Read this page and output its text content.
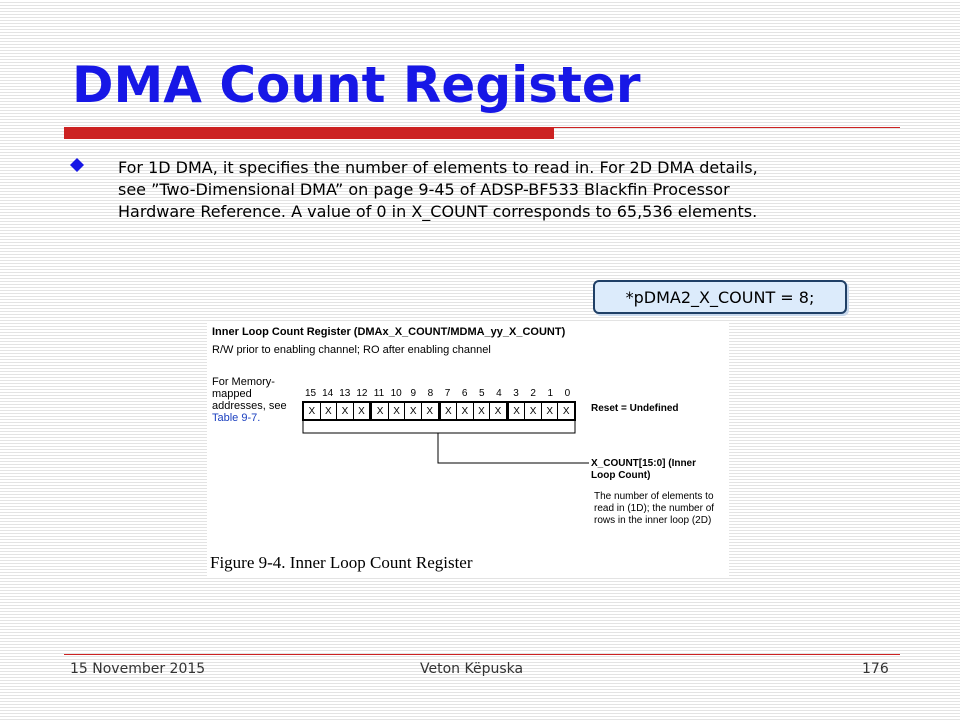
DMA Count Register
For 1D DMA, it specifies the number of elements to read in. For 2D DMA details,
see ”Two-Dimensional DMA” on page 9-45 of ADSP-BF533 Blackfin Processor
Hardware Reference. A value of 0 in X_COUNT corresponds to 65,536 elements.
*pDMA2_X_COUNT = 8;
Inner Loop Count Register (DMAx_X_COUNT/MDMA_yy_X_COUNT)
R/W prior to enabling channel; RO after enabling channel
For Memory-
mapped
addresses, see
Table 9-7.
15 14 13 12 11 10 9	8	7	6	5	4	3	2	1	0
X X X X	X X X X	X X X X	X X X X	Reset = Undefined
X_COUNT[15:0] (Inner
Loop Count)
The number of elements to
read in (1D); the number of
rows in the inner loop (2D)
Figure 9-4. Inner Loop Count Register
15 November 2015	Veton Këpuska	176
